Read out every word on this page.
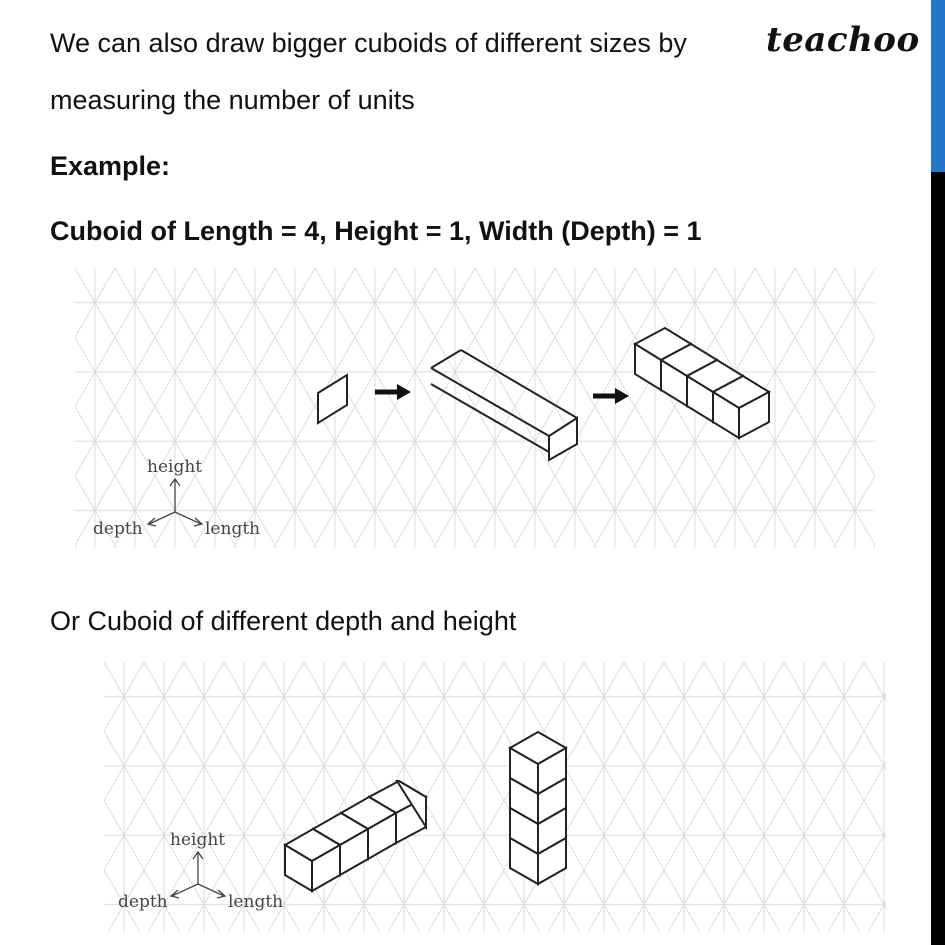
teachoo
We can also draw bigger cuboids of different sizes by
measuring the number of units
Example:
Cuboid of Length = 4, Height = 1, Width (Depth) = 1
height
depth	length
Or Cuboid of different depth and height
height
depth	length
